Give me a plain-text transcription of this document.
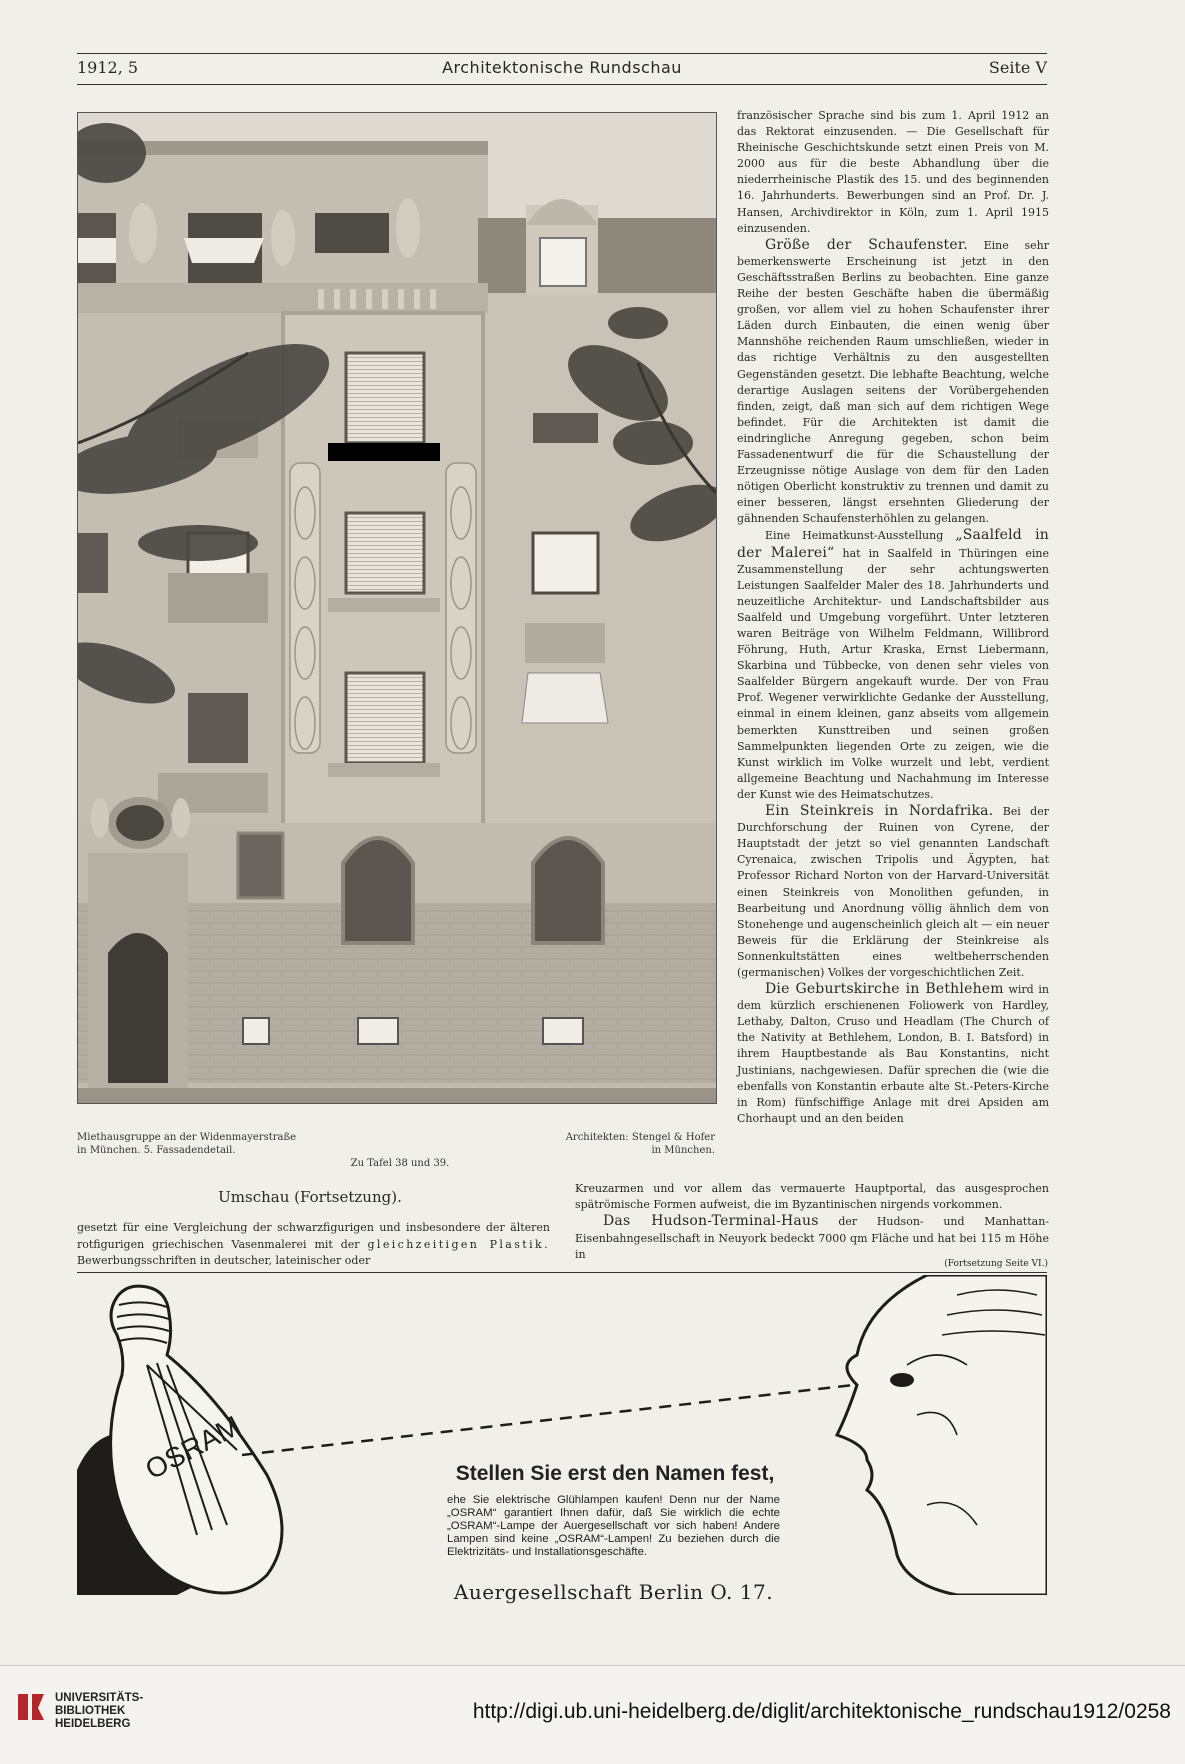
1912, 5	Architektonische Rundschau	Seite V
Miethausgruppe an der Widenmayerstraße
in München. 5. Fassadendetail.
Architekten: Stengel & Hofer
in München.
Zu Tafel 38 und 39.

französischer Sprache sind bis zum 1. April 1912 an das Rektorat einzusenden. — Die Gesellschaft für Rheinische Geschichtskunde setzt einen Preis von M. 2000 aus für die beste Abhandlung über die niederrheinische Plastik des 15. und des beginnenden 16. Jahrhunderts. Bewerbungen sind an Prof. Dr. J. Hansen, Archivdirektor in Köln, zum 1. April 1915 einzusenden.

Größe der Schaufenster. Eine sehr bemerkenswerte Erscheinung ist jetzt in den Geschäftsstraßen Berlins zu beobachten. Eine ganze Reihe der besten Geschäfte haben die übermäßig großen, vor allem viel zu hohen Schaufenster ihrer Läden durch Einbauten, die einen wenig über Mannshöhe reichenden Raum umschließen, wieder in das richtige Verhältnis zu den ausgestellten Gegenständen gesetzt. Die lebhafte Beachtung, welche derartige Auslagen seitens der Vorübergehenden finden, zeigt, daß man sich auf dem richtigen Wege befindet. Für die Architekten ist damit die eindringliche Anregung gegeben, schon beim Fassadenentwurf die für die Schaustellung der Erzeugnisse nötige Auslage von dem für den Laden nötigen Oberlicht konstruktiv zu trennen und damit zu einer besseren, längst ersehnten Gliederung der gähnenden Schaufensterhöhlen zu gelangen.

Eine Heimatkunst-Ausstellung „Saalfeld in der Malerei“ hat in Saalfeld in Thüringen eine Zusammenstellung der sehr achtungswerten Leistungen Saalfelder Maler des 18. Jahrhunderts und neuzeitliche Architektur- und Landschaftsbilder aus Saalfeld und Umgebung vorgeführt. Unter letzteren waren Beiträge von Wilhelm Feldmann, Willibrord Föhrung, Huth, Artur Kraska, Ernst Liebermann, Skarbina und Tübbecke, von denen sehr vieles von Saalfelder Bürgern angekauft wurde. Der von Frau Prof. Wegener verwirklichte Gedanke der Ausstellung, einmal in einem kleinen, ganz abseits vom allgemein bemerkten Kunsttreiben und seinen großen Sammelpunkten liegenden Orte zu zeigen, wie die Kunst wirklich im Volke wurzelt und lebt, verdient allgemeine Beachtung und Nachahmung im Interesse der Kunst wie des Heimatschutzes.

Ein Steinkreis in Nordafrika. Bei der Durchforschung der Ruinen von Cyrene, der Hauptstadt der jetzt so viel genannten Landschaft Cyrenaica, zwischen Tripolis und Ägypten, hat Professor Richard Norton von der Harvard-Universität einen Steinkreis von Monolithen gefunden, in Bearbeitung und Anordnung völlig ähnlich dem von Stonehenge und augenscheinlich gleich alt — ein neuer Beweis für die Erklärung der Steinkreise als Sonnenkultstätten eines weltbeherrschenden (germanischen) Volkes der vorgeschichtlichen Zeit.

Die Geburtskirche in Bethlehem wird in dem kürzlich erschienenen Foliowerk von Hardley, Lethaby, Dalton, Cruso und Headlam (The Church of the Nativity at Bethlehem, London, B. I. Batsford) in ihrem Hauptbestande als Bau Konstantins, nicht Justinians, nachgewiesen. Dafür sprechen die (wie die ebenfalls von Konstantin erbaute alte St.-Peters-Kirche in Rom) fünfschiffige Anlage mit drei Apsiden am Chorhaupt und an den beiden

Umschau (Fortsetzung).
gesetzt für eine Vergleichung der schwarzfigurigen und insbesondere der älteren rotfigurigen griechischen Vasenmalerei mit der gleichzeitigen Plastik. Bewerbungsschriften in deutscher, lateinischer oder
Kreuzarmen und vor allem das vermauerte Hauptportal, das ausgesprochen spätrömische Formen aufweist, die im Byzantinischen nirgends vorkommen.
Das Hudson-Terminal-Haus der Hudson- und Manhattan-Eisenbahngesellschaft in Neuyork bedeckt 7000 qm Fläche und hat bei 115 m Höhe in
(Fortsetzung Seite VI.)
OSRAM	Stellen Sie erst den Namen fest,

ehe Sie elektrische Glühlampen kaufen! Denn nur der Name „OSRAM“ garantiert Ihnen dafür, daß Sie wirklich die echte „OSRAM“-Lampe der Auergesellschaft vor sich haben! Andere Lampen sind keine „OSRAM“-Lampen! Zu beziehen durch die Elektrizitäts- und Installationsgeschäfte.

Auergesellschaft Berlin O. 17.
UNIVERSITÄTS-
BIBLIOTHEK
HEIDELBERG
http://digi.ub.uni-heidelberg.de/diglit/architektonische_rundschau1912/0258
